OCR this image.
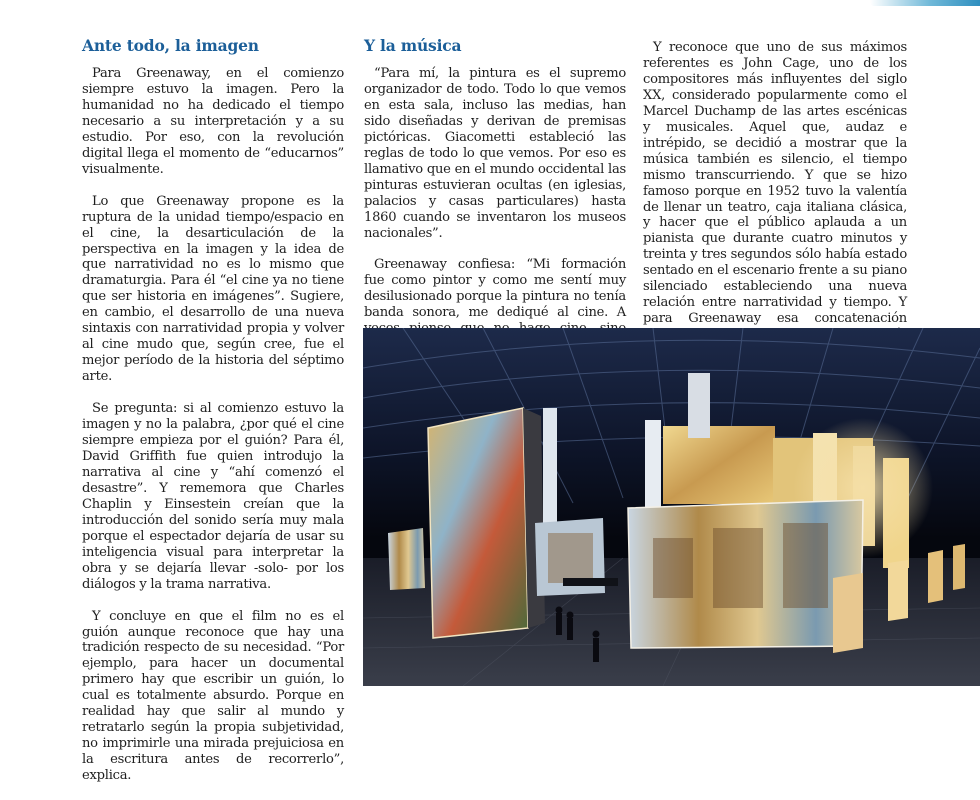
Ante todo, la imagen

Para Greenaway, en el comienzo siempre estuvo la imagen. Pero la humanidad no ha dedicado el tiempo necesario a su interpretación y a su estudio. Por eso, con la revolución digital llega el momento de “educarnos” visualmente.

Lo que Greenaway propone es la ruptura de la unidad tiempo/espacio en el cine, la desarticulación de la perspectiva en la imagen y la idea de que narratividad no es lo mismo que dramaturgia. Para él “el cine ya no tiene que ser historia en imágenes”. Sugiere, en cambio, el desarrollo de una nueva sintaxis con narratividad propia y volver al cine mudo que, según cree, fue el mejor período de la historia del séptimo arte.

Se pregunta: si al comienzo estuvo la imagen y no la palabra, ¿por qué el cine siempre empieza por el guión? Para él, David Griffith fue quien introdujo la narrativa al cine y “ahí comenzó el desastre”. Y rememora que Charles Chaplin y Einsestein creían que la introducción del sonido sería muy mala porque el espectador dejaría de usar su inteligencia visual para interpretar la obra y se dejaría llevar -solo- por los diálogos y la trama narrativa.

Y concluye en que el film no es el guión aunque reconoce que hay una tradición respecto de su necesidad. “Por ejemplo, para hacer un documental primero hay que escribir un guión, lo cual es totalmente absurdo. Porque en realidad hay que salir al mundo y retratarlo según la propia subjetividad, no imprimirle una mirada prejuiciosa en la escritura antes de recorrerlo”, explica.

Y la música

“Para mí, la pintura es el supremo organizador de todo. Todo lo que vemos en esta sala, incluso las medias, han sido diseñadas y derivan de premisas pictóricas. Giacometti estableció las reglas de todo lo que vemos. Por eso es llamativo que en el mundo occidental las pinturas estuvieran ocultas (en iglesias, palacios y casas particulares) hasta 1860 cuando se inventaron los museos nacionales”.

Greenaway confiesa: “Mi formación fue como pintor y como me sentí muy desilusionado porque la pintura no tenía banda sonora, me dediqué al cine. A

Y reconoce que uno de sus máximos referentes es John Cage, uno de los compositores más influyentes del siglo XX, considerado popularmente como el Marcel Duchamp de las artes escénicas y musicales. Aquel que, audaz e intrépido, se decidió a mostrar que la música también es silencio, el tiempo mismo transcurriendo. Y que se hizo famoso porque en 1952 tuvo la valentía de llenar un teatro, caja italiana clásica, y hacer que el público aplauda a un pianista que durante cuatro minutos y treinta y tres segundos sólo había estado sentado en el escenario frente a su piano silenciado estableciendo una nueva relación entre narratividad y tiempo. Y para Greenaway esa concatenación
